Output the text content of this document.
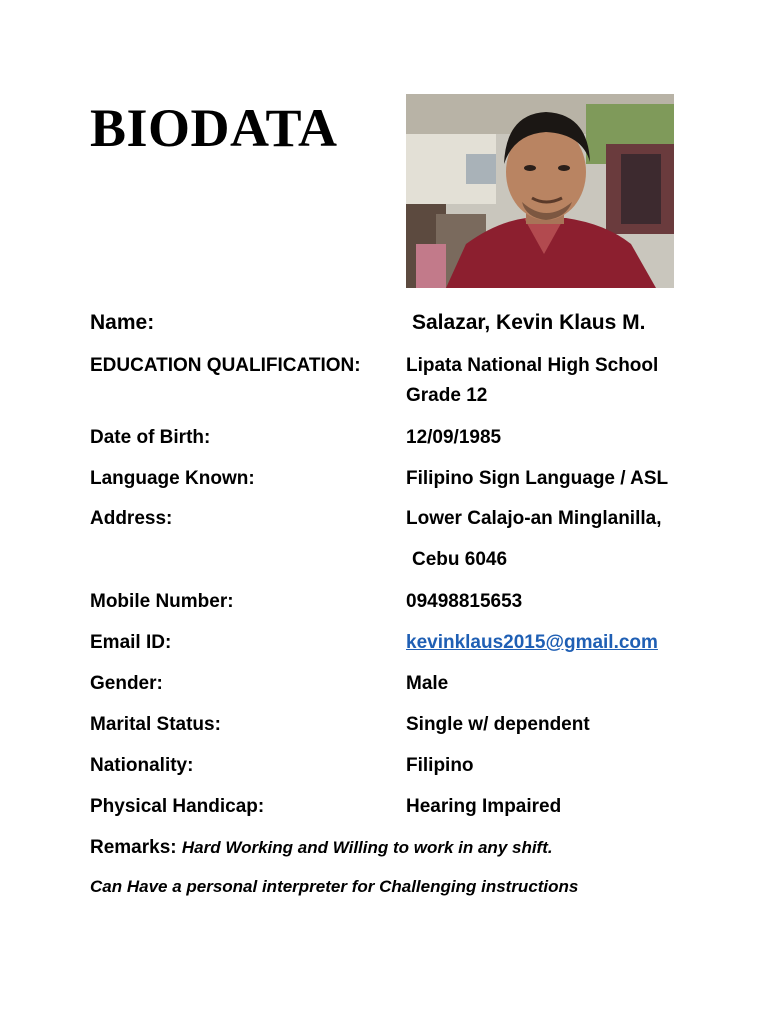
BIODATA
Name:	Salazar, Kevin Klaus M.
EDUCATION QUALIFICATION: Lipata National High School
Grade 12
Date of Birth:	12/09/1985
Language Known:	Filipino Sign Language / ASL
Address:	Lower Calajo-an Minglanilla,
Cebu 6046
Mobile Number:	09498815653
Email ID:	kevinklaus2015@gmail.com
Gender:	Male
Marital Status:	Single w/ dependent
Nationality:	Filipino
Physical Handicap:	Hearing Impaired
Remarks: Hard Working and Willing to work in any shift.
Can Have a personal interpreter for Challenging instructions
